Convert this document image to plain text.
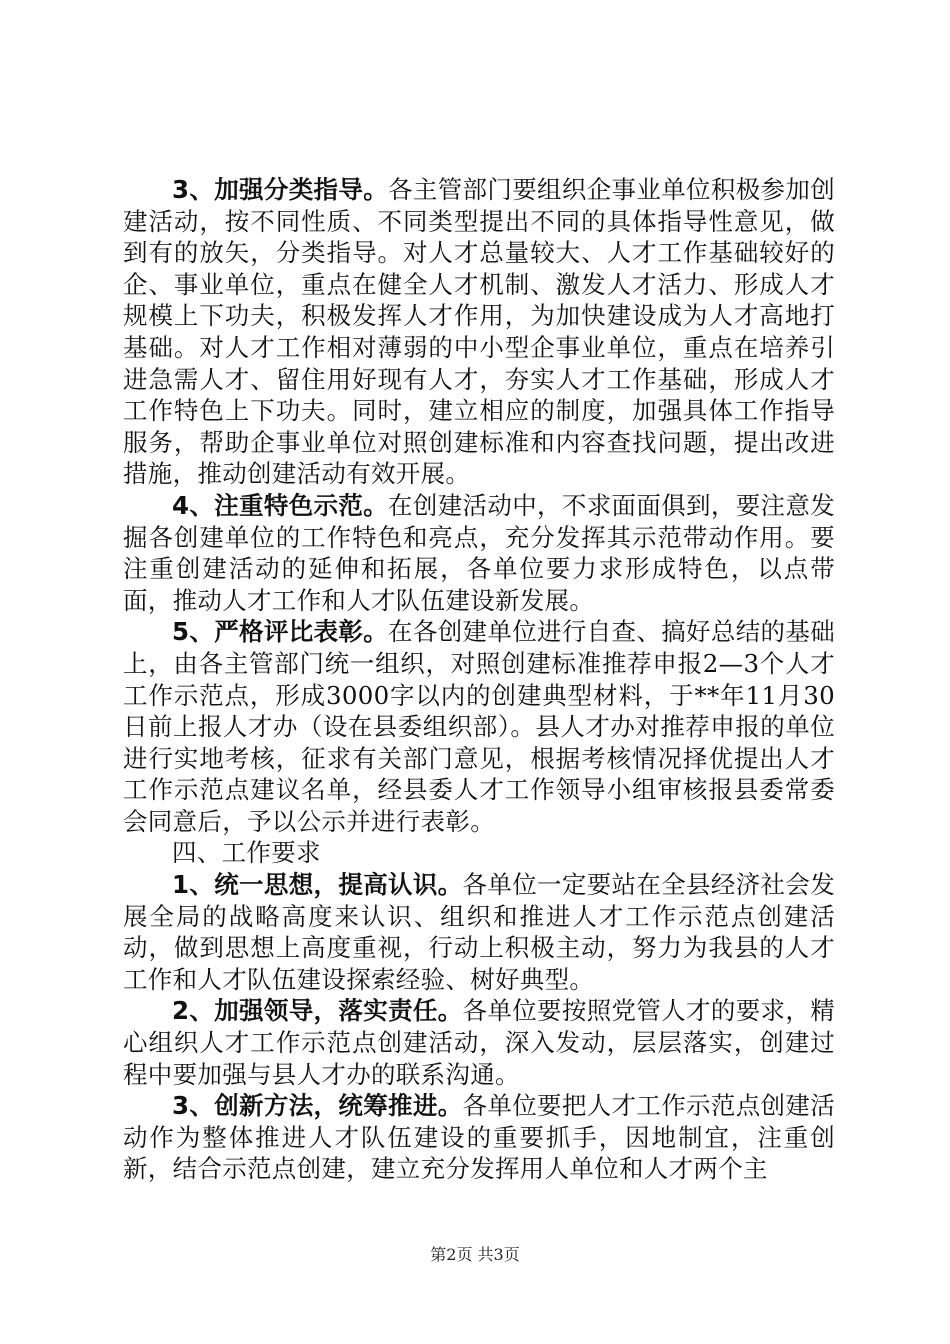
3、加强分类指导。各主管部门要组织企事业单位积极参加创建活动，按不同性质、不同类型提出不同的具体指导性意见，做到有的放矢，分类指导。对人才总量较大、人才工作基础较好的企、事业单位，重点在健全人才机制、激发人才活力、形成人才规模上下功夫，积极发挥人才作用，为加快建设成为人才高地打基础。对人才工作相对薄弱的中小型企事业单位，重点在培养引进急需人才、留住用好现有人才，夯实人才工作基础，形成人才工作特色上下功夫。同时，建立相应的制度，加强具体工作指导服务，帮助企事业单位对照创建标准和内容查找问题，提出改进措施，推动创建活动有效开展。

4、注重特色示范。在创建活动中，不求面面俱到，要注意发掘各创建单位的工作特色和亮点，充分发挥其示范带动作用。要注重创建活动的延伸和拓展，各单位要力求形成特色，以点带面，推动人才工作和人才队伍建设新发展。

5、严格评比表彰。在各创建单位进行自查、搞好总结的基础上，由各主管部门统一组织，对照创建标准推荐申报2—3个人才工作示范点，形成3000字以内的创建典型材料，于**年11月30日前上报人才办（设在县委组织部）。县人才办对推荐申报的单位进行实地考核，征求有关部门意见，根据考核情况择优提出人才工作示范点建议名单，经县委人才工作领导小组审核报县委常委会同意后，予以公示并进行表彰。

四、工作要求

1、统一思想，提高认识。各单位一定要站在全县经济社会发展全局的战略高度来认识、组织和推进人才工作示范点创建活动，做到思想上高度重视，行动上积极主动，努力为我县的人才工作和人才队伍建设探索经验、树好典型。

2、加强领导，落实责任。各单位要按照党管人才的要求，精心组织人才工作示范点创建活动，深入发动，层层落实，创建过程中要加强与县人才办的联系沟通。

3、创新方法，统筹推进。各单位要把人才工作示范点创建活动作为整体推进人才队伍建设的重要抓手，因地制宜，注重创新，结合示范点创建，建立充分发挥用人单位和人才两个主

第2页 共3页
